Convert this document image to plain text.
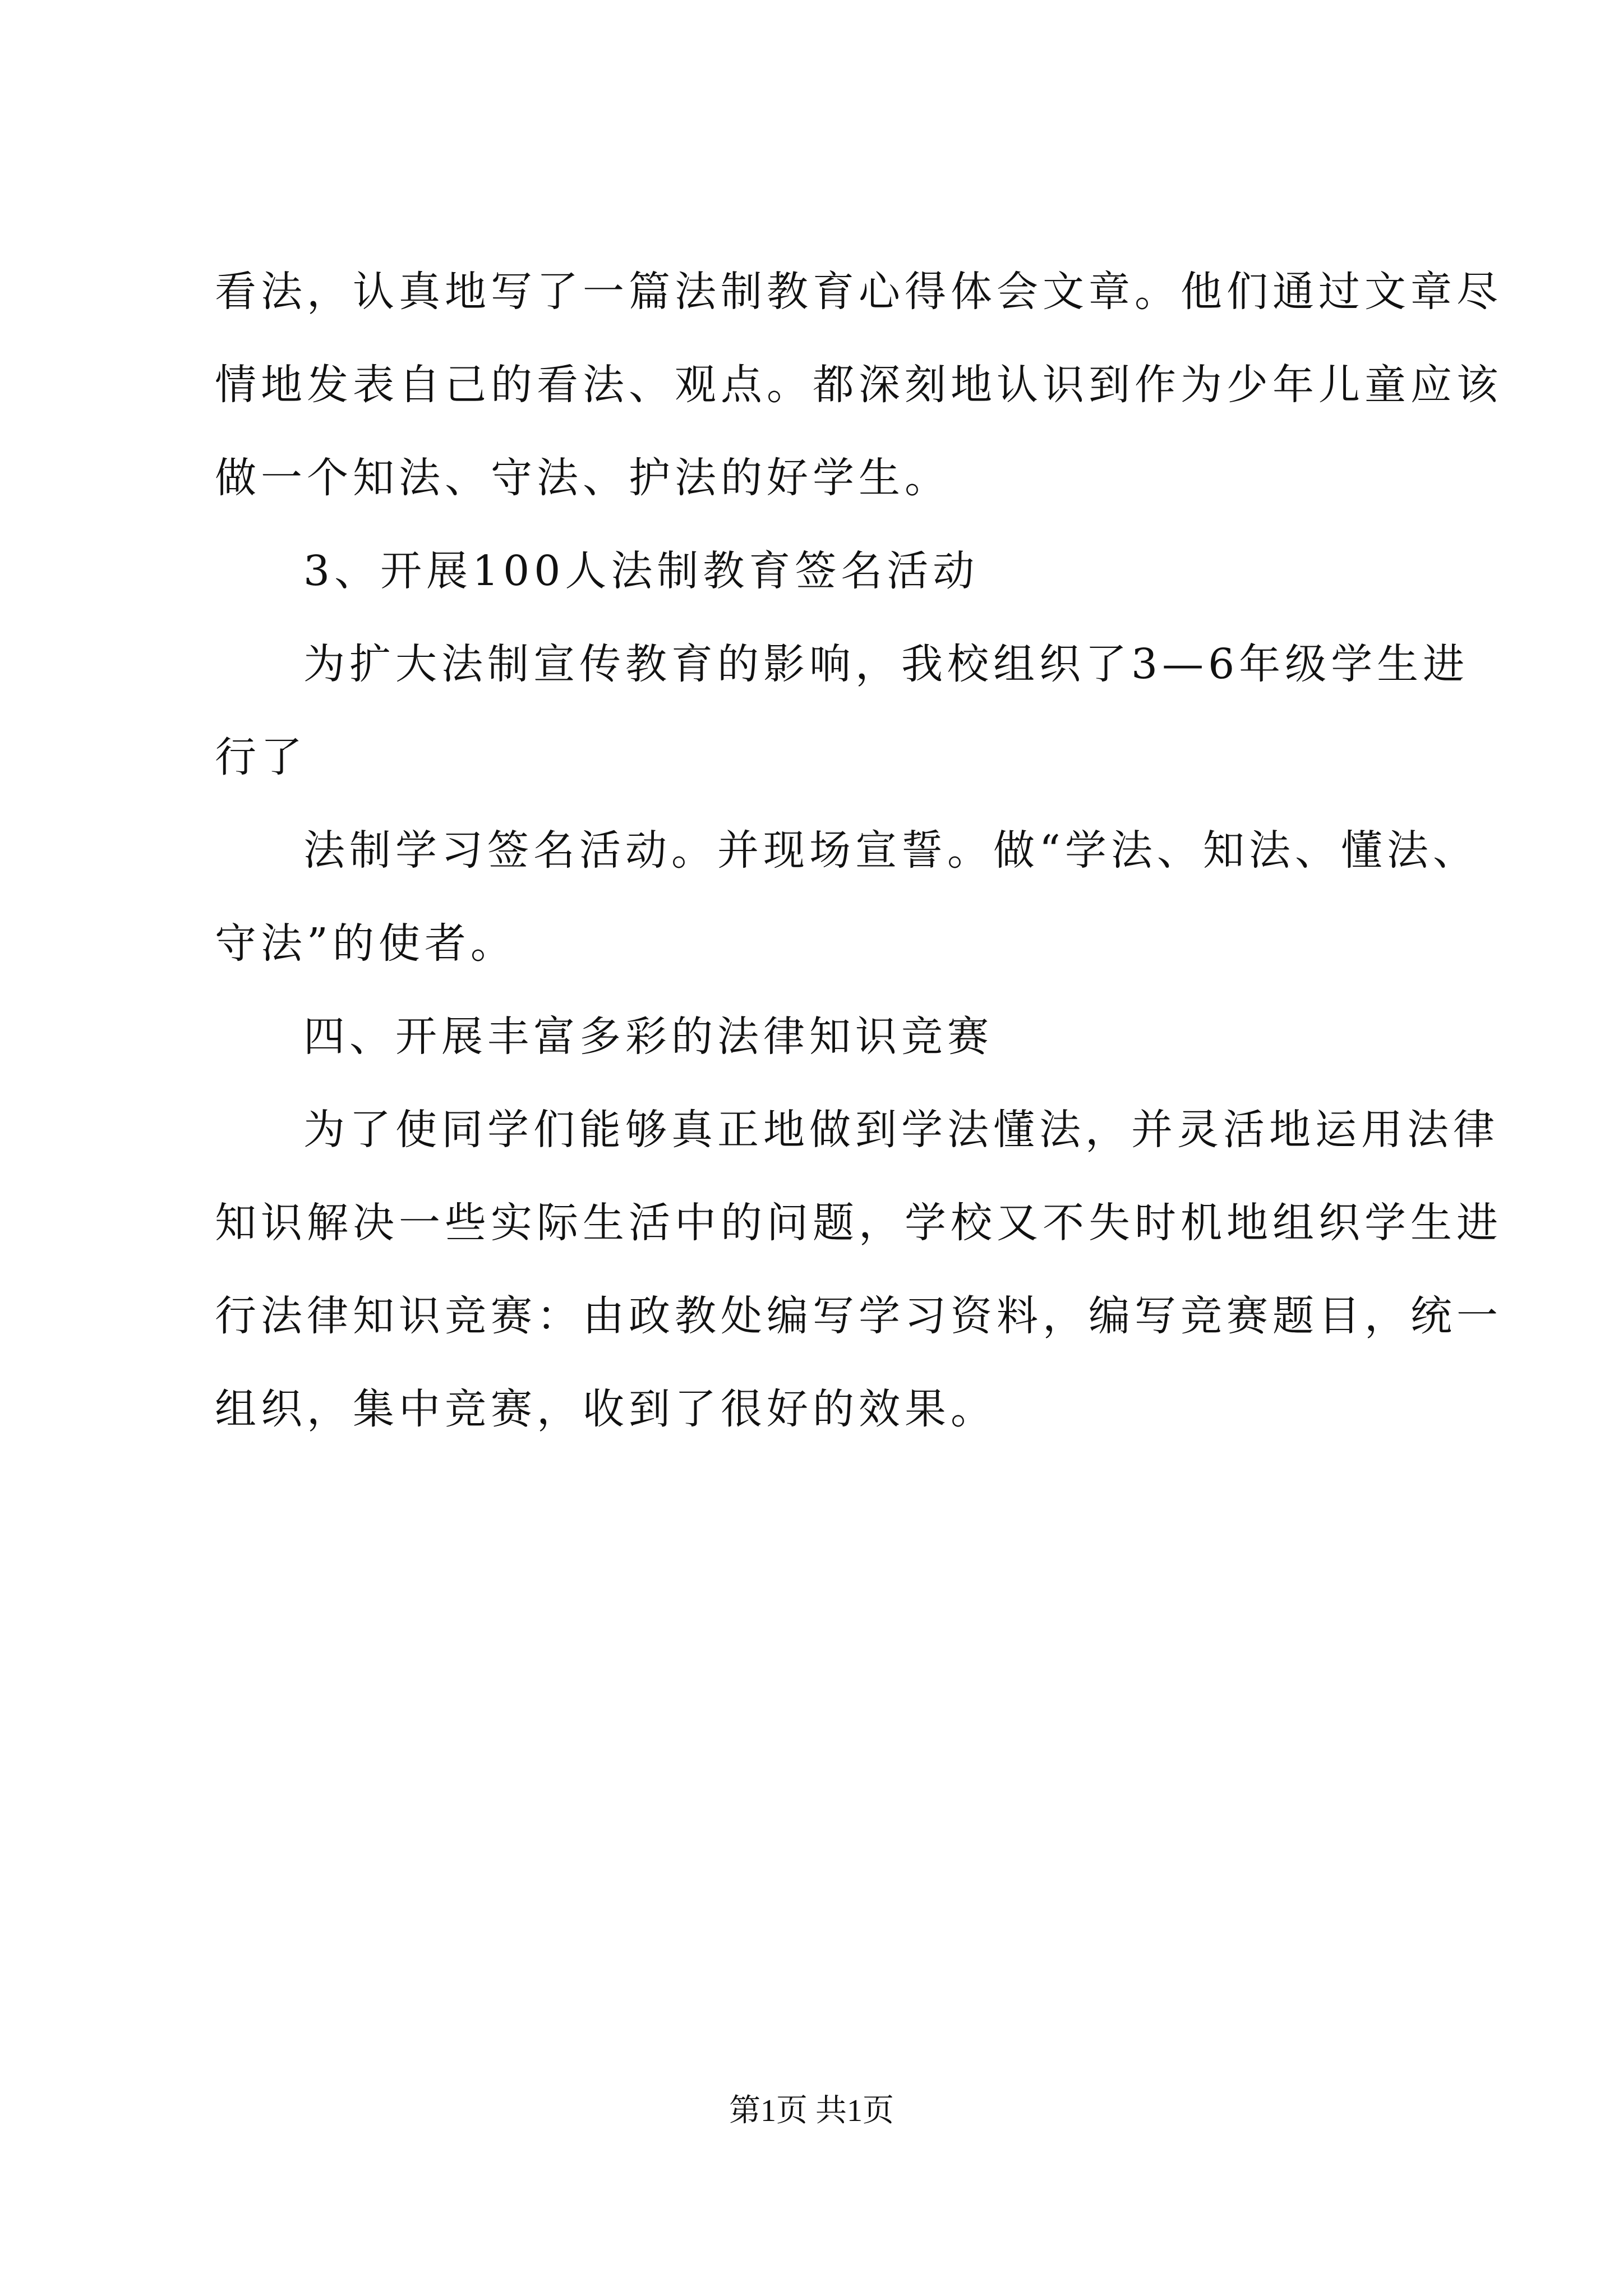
看法，认真地写了一篇法制教育心得体会文章。他们通过文章尽
情地发表自己的看法、观点。都深刻地认识到作为少年儿童应该
做一个知法、守法、护法的好学生。
3、开展100人法制教育签名活动
为扩大法制宣传教育的影响，我校组织了3—6年级学生进
行了
法制学习签名活动。并现场宣誓。做“学法、知法、懂法、
守法”的使者。
四、开展丰富多彩的法律知识竞赛
为了使同学们能够真正地做到学法懂法，并灵活地运用法律
知识解决一些实际生活中的问题，学校又不失时机地组织学生进
行法律知识竞赛：由政教处编写学习资料，编写竞赛题目，统一
组织，集中竞赛，收到了很好的效果。
第1页 共1页
